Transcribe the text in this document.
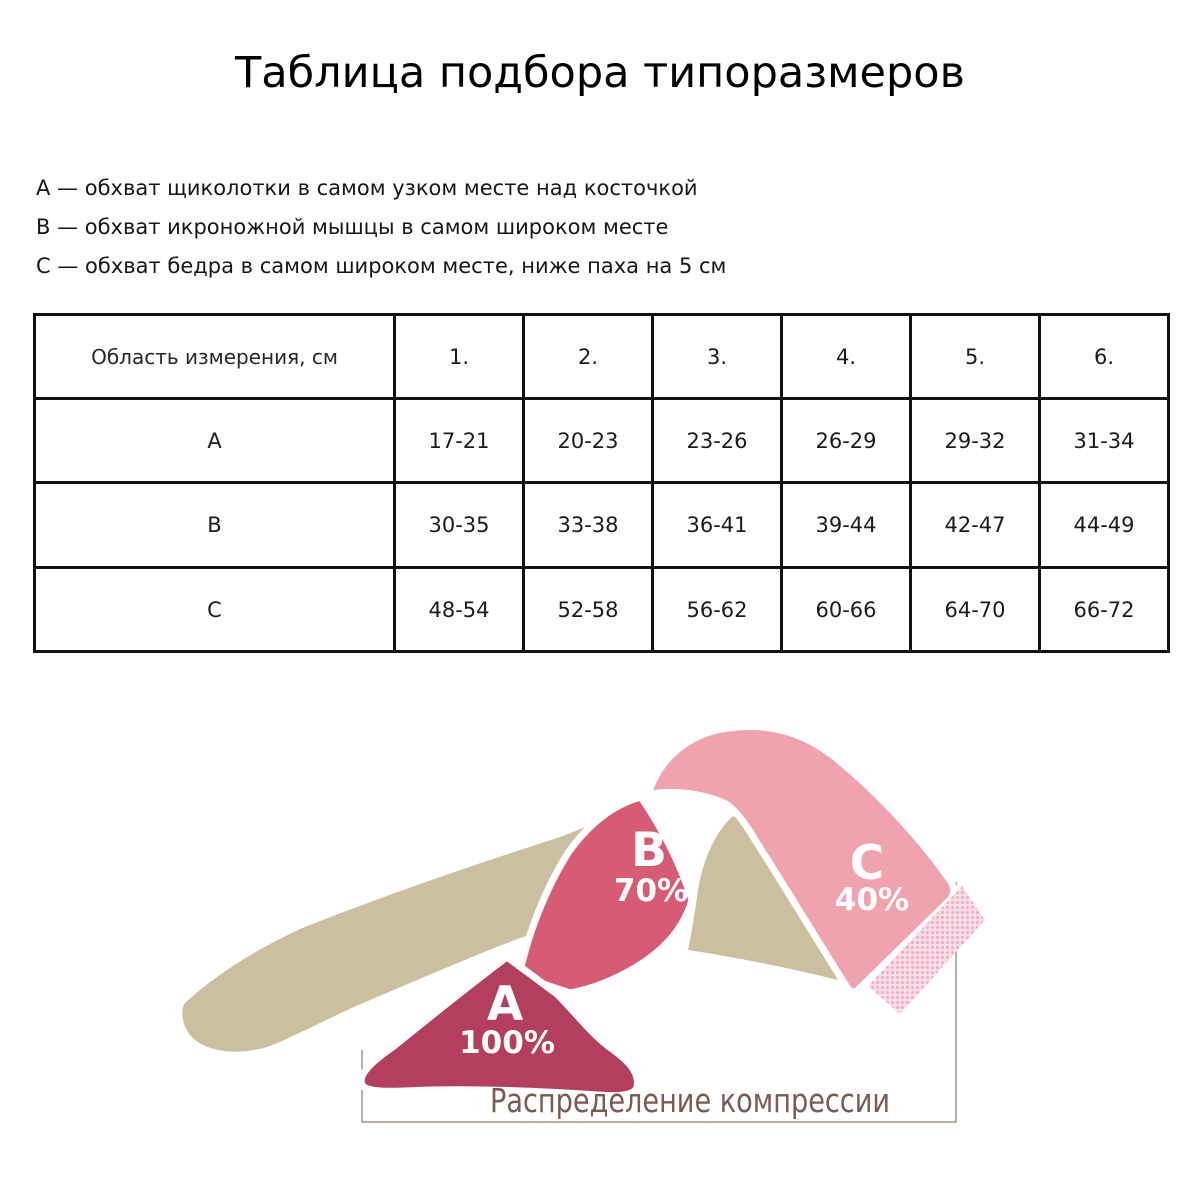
Таблица подбора типоразмеров

А — обхват щиколотки в самом узком месте над косточкой

В — обхват икроножной мышцы в самом широком месте

С — обхват бедра в самом широком месте, ниже паха на 5 см

Область измерения, см	1.	2.	3.	4.	5.	6.
А	17-21	20-23	23-26	26-29	29-32	31-34
В	30-35	33-38	36-41	39-44	42-47	44-49
С	48-54	52-58	56-62	60-66	64-70	66-72
A
100%
B
70%	C
40%
Распределение компрессии
